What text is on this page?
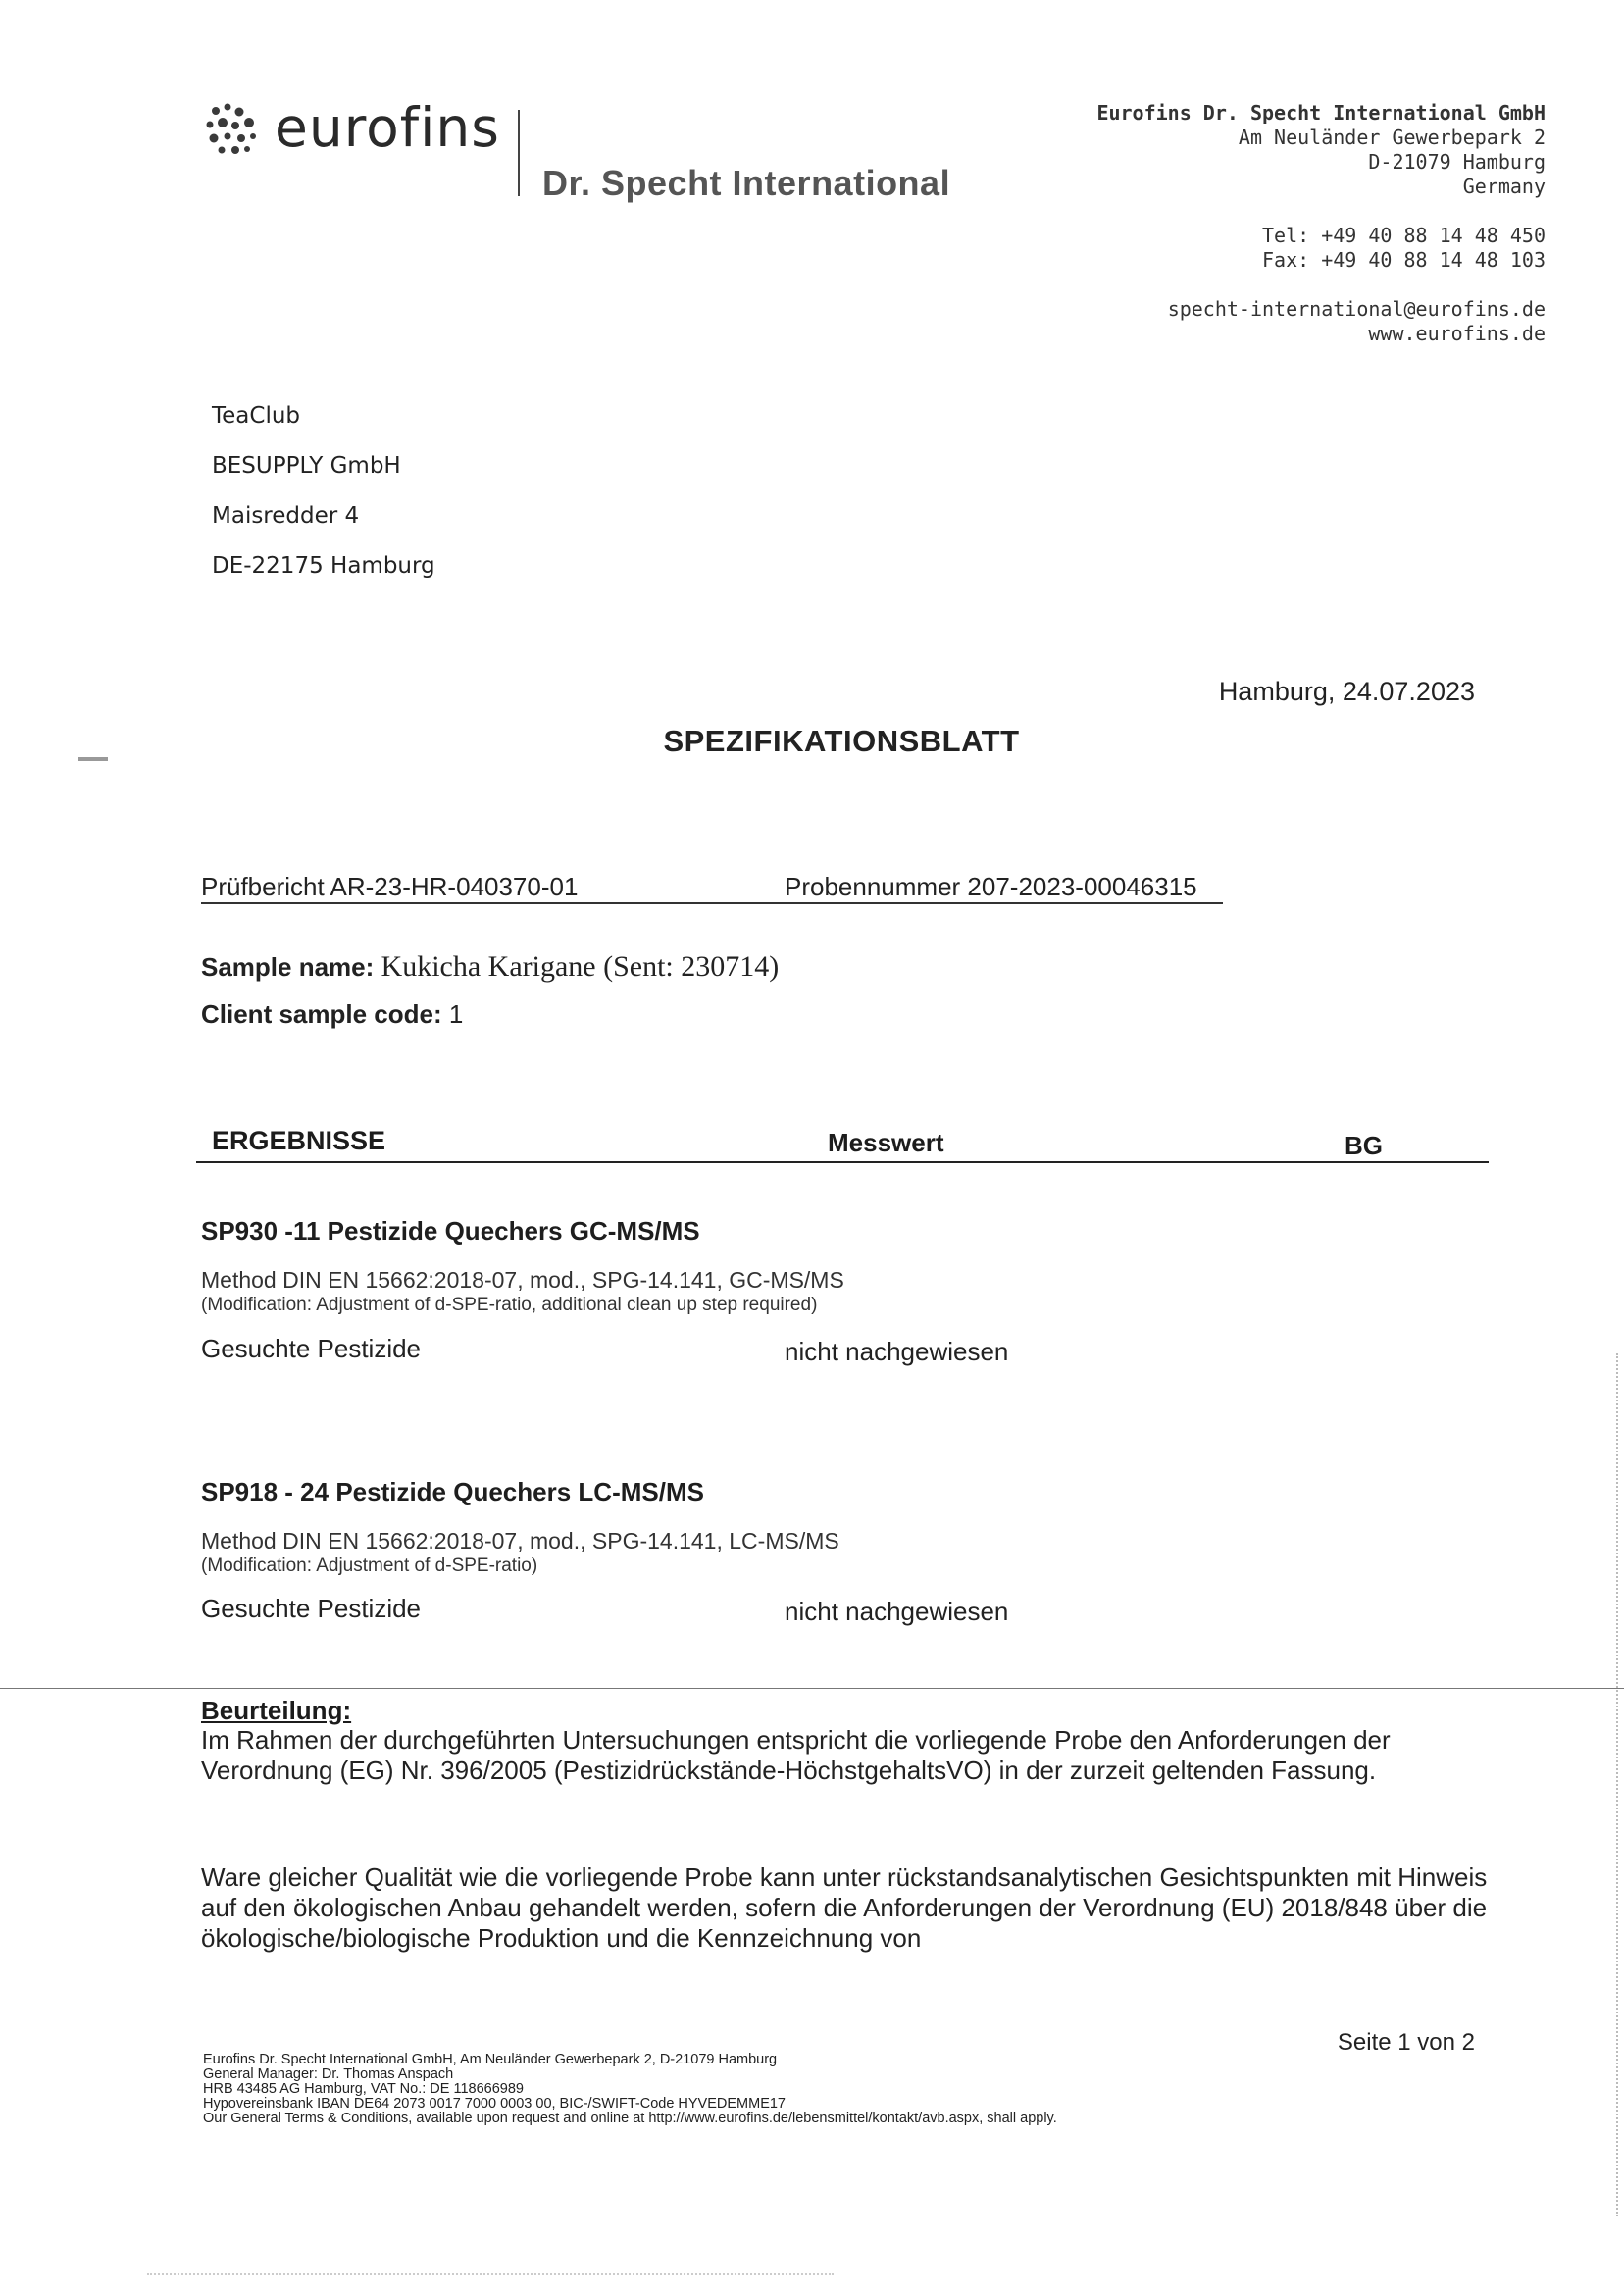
eurofins
Dr. Specht International
Eurofins Dr. Specht International GmbH
Am Neuländer Gewerbepark 2
D-21079 Hamburg
Germany
Tel: +49 40 88 14 48 450
Fax: +49 40 88 14 48 103
specht-international@eurofins.de
www.eurofins.de
TeaClub
BESUPPLY GmbH
Maisredder 4
DE-22175 Hamburg
Hamburg, 24.07.2023
SPEZIFIKATIONSBLATT
Prüfbericht AR-23-HR-040370-01	Probennummer 207-2023-00046315
Sample name: Kukicha Karigane (Sent: 230714)
Client sample code: 1
ERGEBNISSE	Messwert	BG
SP930 -11 Pestizide Quechers GC-MS/MS
Method DIN EN 15662:2018-07, mod., SPG-14.141, GC-MS/MS
(Modification: Adjustment of d-SPE-ratio, additional clean up step required)
Gesuchte Pestizide	nicht nachgewiesen
SP918 - 24 Pestizide Quechers LC-MS/MS
Method DIN EN 15662:2018-07, mod., SPG-14.141, LC-MS/MS
(Modification: Adjustment of d-SPE-ratio)
Gesuchte Pestizide	nicht nachgewiesen
Beurteilung:
Im Rahmen der durchgeführten Untersuchungen entspricht die vorliegende Probe den Anforderungen der Verordnung (EG) Nr. 396/2005 (Pestizidrückstände-HöchstgehaltsVO) in der zurzeit geltenden Fassung.
Ware gleicher Qualität wie die vorliegende Probe kann unter rückstandsanalytischen Gesichtspunkten mit Hinweis auf den ökologischen Anbau gehandelt werden, sofern die Anforderungen der Verordnung (EU) 2018/848 über die ökologische/biologische Produktion und die Kennzeichnung von
Seite 1 von 2
Eurofins Dr. Specht International GmbH, Am Neuländer Gewerbepark 2, D-21079 Hamburg
General Manager: Dr. Thomas Anspach
HRB 43485 AG Hamburg, VAT No.: DE 118666989
Hypovereinsbank IBAN DE64 2073 0017 7000 0003 00, BIC-/SWIFT-Code HYVEDEMME17
Our General Terms & Conditions, available upon request and online at http://www.eurofins.de/lebensmittel/kontakt/avb.aspx, shall apply.
